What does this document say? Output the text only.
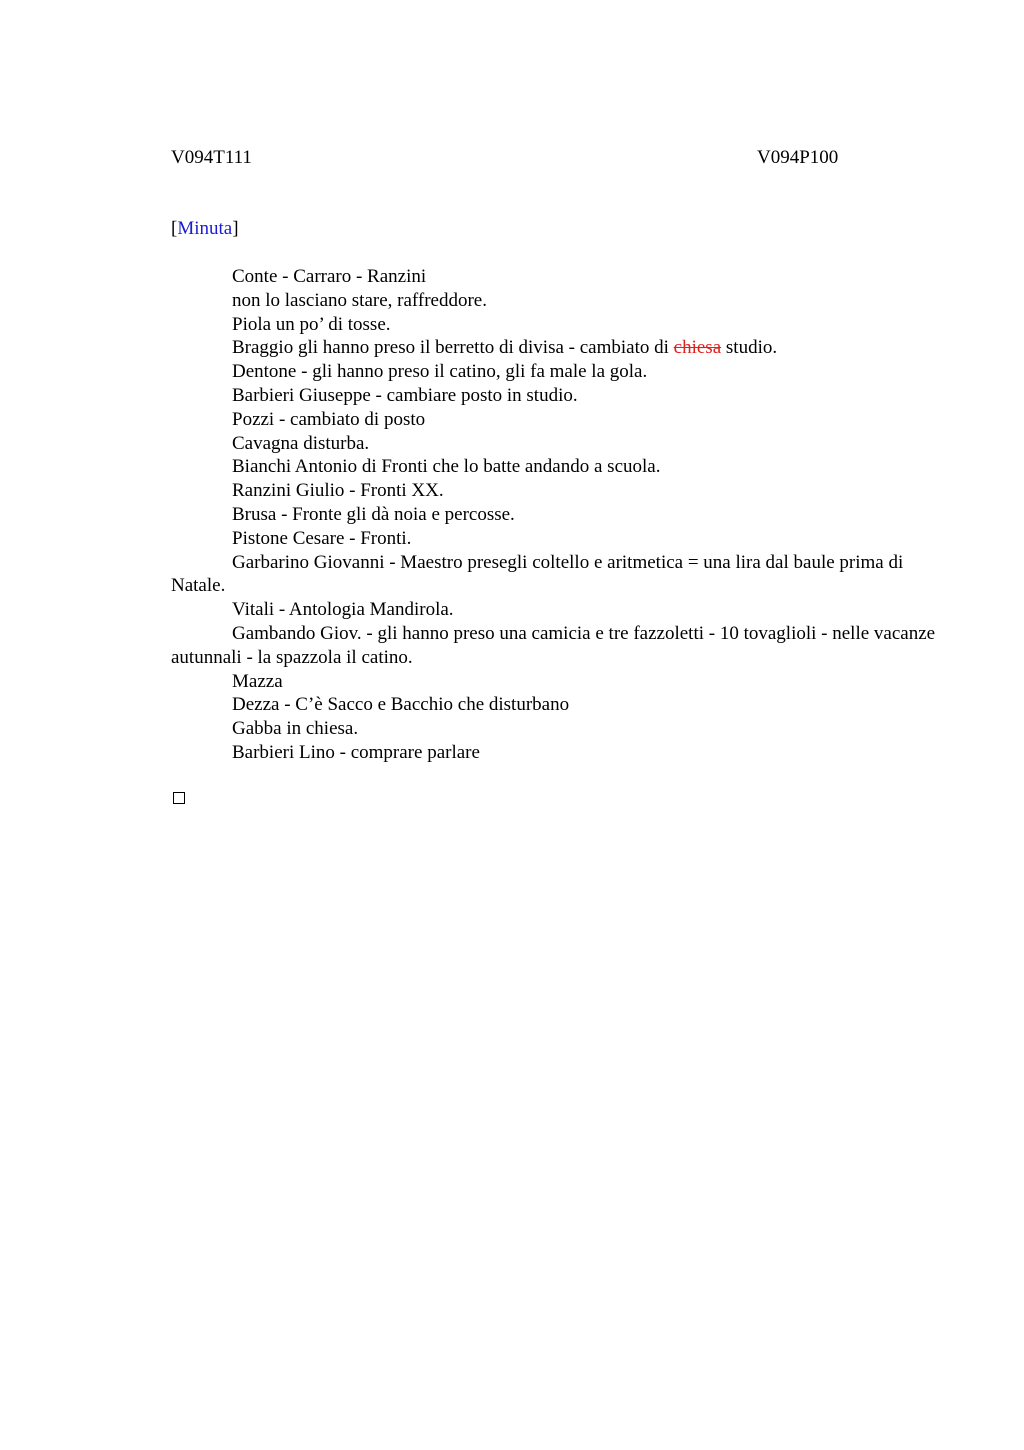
V094T111	V094P100
[Minuta]

Conte - Carraro - Ranzini

non lo lasciano stare, raffreddore.

Piola un po’ di tosse.

Braggio gli hanno preso il berretto di divisa - cambiato di chiesa studio.

Dentone - gli hanno preso il catino, gli fa male la gola.

Barbieri Giuseppe - cambiare posto in studio.

Pozzi - cambiato di posto

Cavagna disturba.

Bianchi Antonio di Fronti che lo batte andando a scuola.

Ranzini Giulio - Fronti XX.

Brusa - Fronte gli dà noia e percosse.

Pistone Cesare - Fronti.

Garbarino Giovanni - Maestro presegli coltello e aritmetica = una lira dal baule prima di Natale.

Vitali - Antologia Mandirola.

Gambando Giov. - gli hanno preso una camicia e tre fazzoletti - 10 tovaglioli - nelle vacanze autunnali - la spazzola il catino.

Mazza

Dezza - C’è Sacco e Bacchio che disturbano

Gabba in chiesa.

Barbieri Lino - comprare parlare
